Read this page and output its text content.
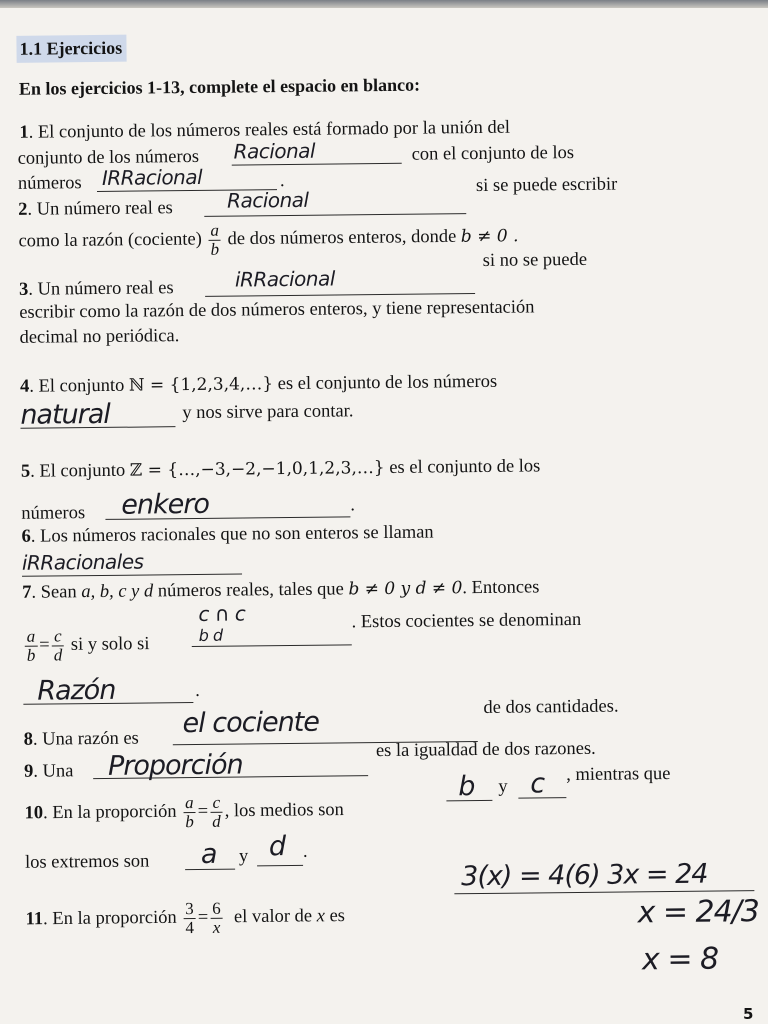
1.1 Ejercicios
En los ejercicios 1-13, complete el espacio en blanco:
1. El conjunto de los números reales está formado por la unión del
conjunto de los números Racional	con el conjunto de los
números IRRacional	.
2. Un número real es	Racional
si se puede escribir
como la razón (cociente) $\frac{a}{b}$ de dos números enteros, donde b ≠ 0 .
3. Un número real es	iRRacional
si no se puede
escribir como la razón de dos números enteros, y tiene representación
decimal no periódica.
4. El conjunto ℕ = {1,2,3,4,…} es el conjunto de los números
natural	y nos sirve para contar.
5. El conjunto ℤ = {…,−3,−2,−1,0,1,2,3,…} es el conjunto de los
números enkero	.
6. Los números racionales que no son enteros se llaman
iRRacionales
7. Sean a, b, c y d números reales, tales que b ≠ 0 y d ≠ 0. Entonces
$\frac{a}{b} = \frac{c}{d}$ si y solo si
c ∩ c
b d
. Estos cocientes se denominan
Razón	.
8. Una razón es
el cociente	de dos cantidades.
9. Una Proporción	es la igualdad de dos razones.
10. En la proporción $\frac{a}{b} = \frac{c}{d}$ , los medios son
b y c , mientras que
los extremos son a y d .
11. En la proporción $\frac{3}{4} = \frac{6}{x}$ el valor de x es
3(x) = 4(6) 3x = 24
x = 24/3
x = 8
5
